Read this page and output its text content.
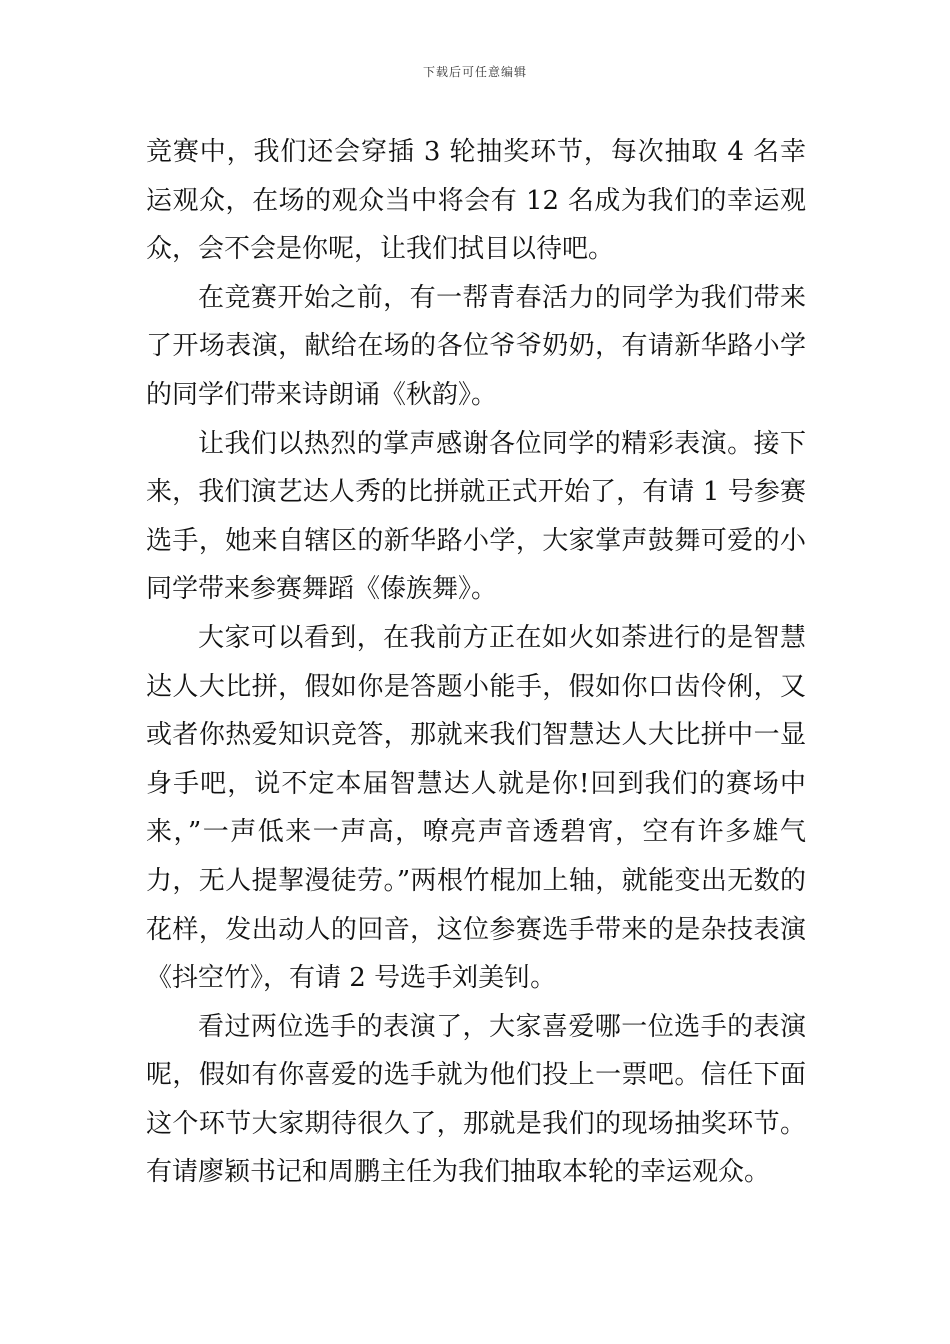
下载后可任意编辑

竞赛中，我们还会穿插 3 轮抽奖环节，每次抽取 4 名幸运观众，在场的观众当中将会有 12 名成为我们的幸运观众，会不会是你呢，让我们拭目以待吧。

在竞赛开始之前，有一帮青春活力的同学为我们带来了开场表演，献给在场的各位爷爷奶奶，有请新华路小学的同学们带来诗朗诵《秋韵》。

让我们以热烈的掌声感谢各位同学的精彩表演。接下来，我们演艺达人秀的比拼就正式开始了，有请 1 号参赛选手，她来自辖区的新华路小学，大家掌声鼓舞可爱的小同学带来参赛舞蹈《傣族舞》。

大家可以看到，在我前方正在如火如荼进行的是智慧达人大比拼，假如你是答题小能手，假如你口齿伶俐，又或者你热爱知识竞答，那就来我们智慧达人大比拼中一显身手吧，说不定本届智慧达人就是你!回到我们的赛场中来，”一声低来一声高，嘹亮声音透碧宵，空有许多雄气力，无人提挈漫徒劳。”两根竹棍加上轴，就能变出无数的花样，发出动人的回音，这位参赛选手带来的是杂技表演《抖空竹》，有请 2 号选手刘美钊。

看过两位选手的表演了，大家喜爱哪一位选手的表演呢，假如有你喜爱的选手就为他们投上一票吧。信任下面这个环节大家期待很久了，那就是我们的现场抽奖环节。有请廖颖书记和周鹏主任为我们抽取本轮的幸运观众。
